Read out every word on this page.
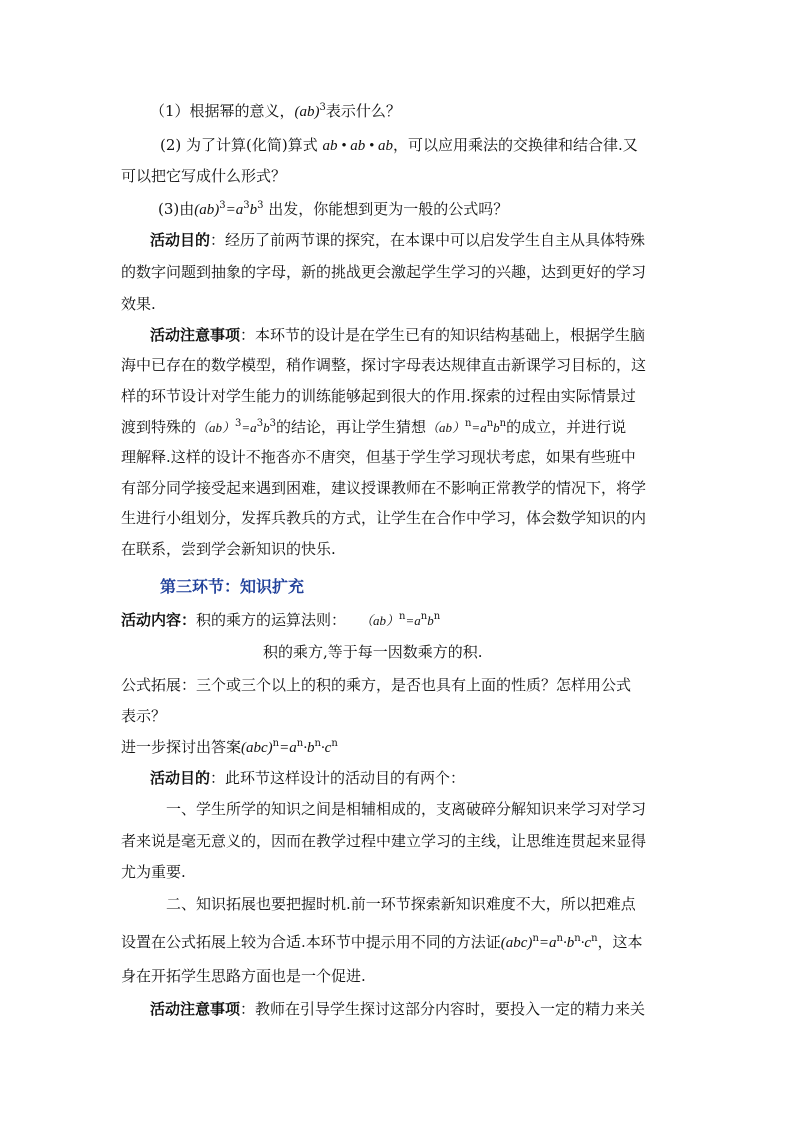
（1）根据幂的意义，(ab)$^3$表示什么？
(2) 为了计算(化简)算式 ab • ab • ab，可以应用乘法的交换律和结合律.又
可以把它写成什么形式？
(3)由$(ab)^3=a^3b^3$ 出发，你能想到更为一般的公式吗？
活动目的：经历了前两节课的探究，在本课中可以启发学生自主从具体特殊
的数字问题到抽象的字母，新的挑战更会激起学生学习的兴趣，达到更好的学习
效果.
活动注意事项：本环节的设计是在学生已有的知识结构基础上，根据学生脑
海中已存在的数学模型，稍作调整，探讨字母表达规律直击新课学习目标的，这
样的环节设计对学生能力的训练能够起到很大的作用.探索的过程由实际情景过
渡到特殊的$(ab)^3=a^3b^3$的结论，再让学生猜想$(ab)^n=a^nb^n$的成立，并进行说
理解释.这样的设计不拖沓亦不唐突，但基于学生学习现状考虑，如果有些班中
有部分同学接受起来遇到困难，建议授课教师在不影响正常教学的情况下，将学
生进行小组划分，发挥兵教兵的方式，让学生在合作中学习，体会数学知识的内
在联系，尝到学会新知识的快乐.
第三环节：知识扩充
活动内容：积的乘方的运算法则： $(ab)^n=a^nb^n$
积的乘方,等于每一因数乘方的积.
公式拓展：三个或三个以上的积的乘方，是否也具有上面的性质？怎样用公式
表示？
进一步探讨出答案$(abc)^n=a^n\cdot b^n\cdot c^n$
活动目的：此环节这样设计的活动目的有两个：
一、学生所学的知识之间是相辅相成的，支离破碎分解知识来学习对学习
者来说是毫无意义的，因而在教学过程中建立学习的主线，让思维连贯起来显得
尤为重要.
二、知识拓展也要把握时机.前一环节探索新知识难度不大，所以把难点
设置在公式拓展上较为合适.本环节中提示用不同的方法证$(abc)^n=a^n\cdot b^n\cdot c^n$，这本
身在开拓学生思路方面也是一个促进.
活动注意事项：教师在引导学生探讨这部分内容时，要投入一定的精力来关
